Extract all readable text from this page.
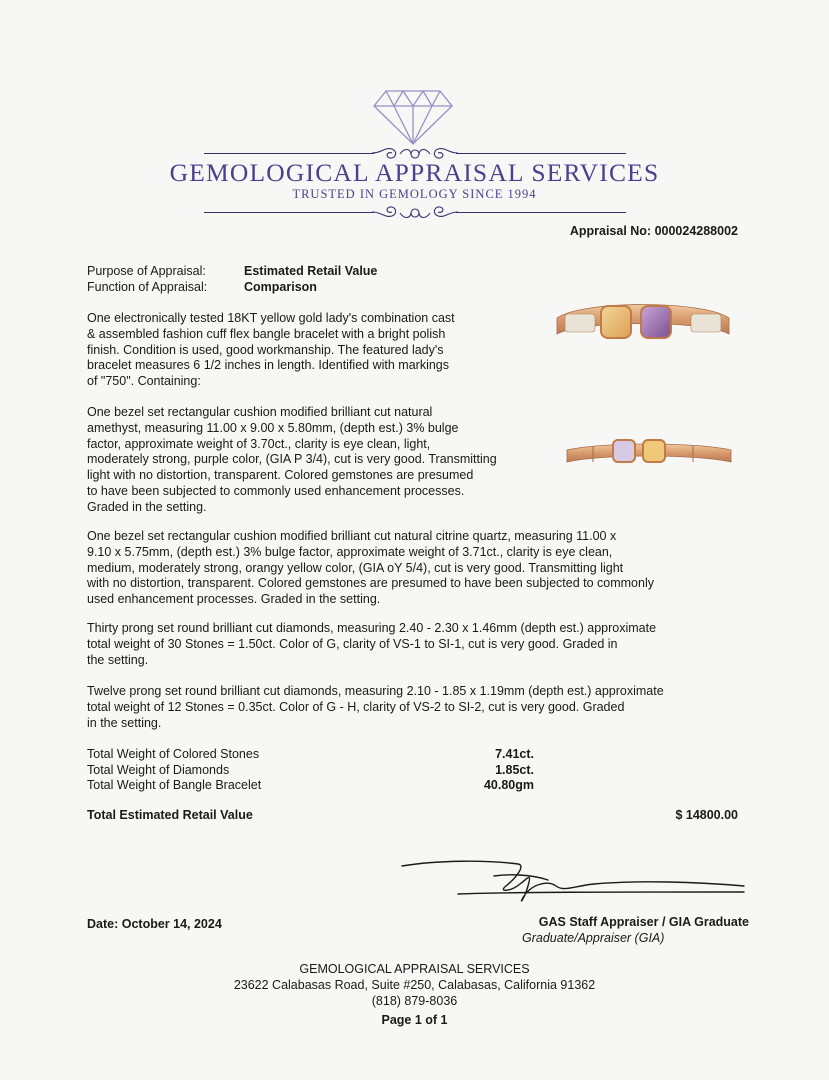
GEMOLOGICAL APPRAISAL SERVICES
TRUSTED IN GEMOLOGY SINCE 1994
Appraisal No: 000024288002
Purpose of Appraisal:	Estimated Retail Value
Function of Appraisal:	Comparison
One electronically tested 18KT yellow gold lady's combination cast
& assembled fashion cuff flex bangle bracelet with a bright polish
finish. Condition is used, good workmanship. The featured lady's
bracelet measures 6 1/2 inches in length. Identified with markings
of "750". Containing:
One bezel set rectangular cushion modified brilliant cut natural
amethyst, measuring 11.00 x 9.00 x 5.80mm, (depth est.) 3% bulge
factor, approximate weight of 3.70ct., clarity is eye clean, light,
moderately strong, purple color, (GIA P 3/4), cut is very good. Transmitting
light with no distortion, transparent. Colored gemstones are presumed
to have been subjected to commonly used enhancement processes.
Graded in the setting.
One bezel set rectangular cushion modified brilliant cut natural citrine quartz, measuring 11.00 x
9.10 x 5.75mm, (depth est.) 3% bulge factor, approximate weight of 3.71ct., clarity is eye clean,
medium, moderately strong, orangy yellow color, (GIA oY 5/4), cut is very good. Transmitting light
with no distortion, transparent. Colored gemstones are presumed to have been subjected to commonly
used enhancement processes. Graded in the setting.
Thirty prong set round brilliant cut diamonds, measuring 2.40 - 2.30 x 1.46mm (depth est.) approximate
total weight of 30 Stones = 1.50ct. Color of G, clarity of VS-1 to SI-1, cut is very good. Graded in
the setting.
Twelve prong set round brilliant cut diamonds, measuring 2.10 - 1.85 x 1.19mm (depth est.) approximate
total weight of 12 Stones = 0.35ct. Color of G - H, clarity of VS-2 to SI-2, cut is very good. Graded
in the setting.
Total Weight of Colored Stones	7.41ct.
Total Weight of Diamonds	1.85ct.
Total Weight of Bangle Bracelet	40.80gm
Total Estimated Retail Value	$ 14800.00
Date: October 14, 2024	GAS Staff Appraiser / GIA Graduate
Graduate/Appraiser (GIA)
GEMOLOGICAL APPRAISAL SERVICES
23622 Calabasas Road, Suite #250, Calabasas, California 91362
(818) 879-8036
Page 1 of 1
